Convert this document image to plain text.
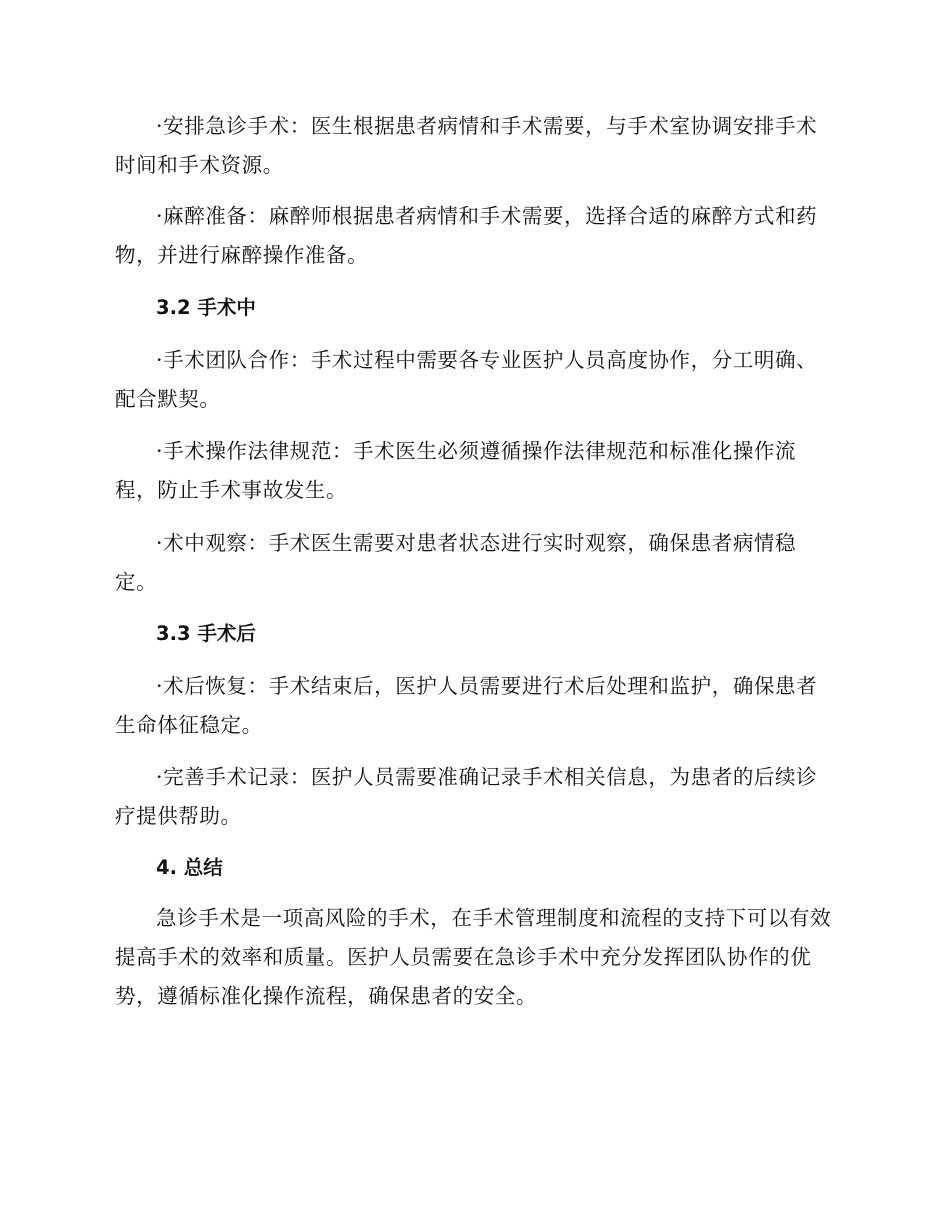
·安排急诊手术：医生根据患者病情和手术需要，与手术室协调安排手术时间和手术资源。

·麻醉准备：麻醉师根据患者病情和手术需要，选择合适的麻醉方式和药物，并进行麻醉操作准备。

3.2 手术中

·手术团队合作：手术过程中需要各专业医护人员高度协作，分工明确、配合默契。

·手术操作法律规范：手术医生必须遵循操作法律规范和标准化操作流程，防止手术事故发生。

·术中观察：手术医生需要对患者状态进行实时观察，确保患者病情稳定。

3.3 手术后

·术后恢复：手术结束后，医护人员需要进行术后处理和监护，确保患者生命体征稳定。

·完善手术记录：医护人员需要准确记录手术相关信息，为患者的后续诊疗提供帮助。

4. 总结

急诊手术是一项高风险的手术，在手术管理制度和流程的支持下可以有效提高手术的效率和质量。医护人员需要在急诊手术中充分发挥团队协作的优势，遵循标准化操作流程，确保患者的安全。
